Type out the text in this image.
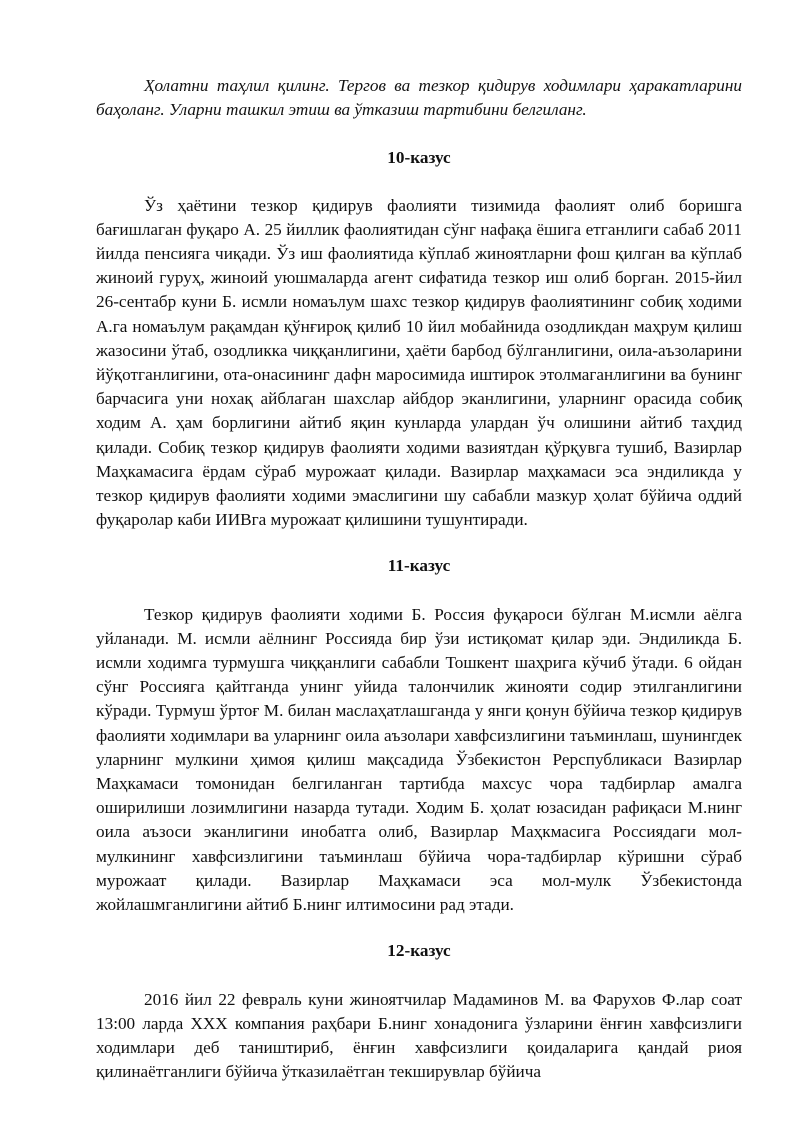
Ҳолатни таҳлил қилинг. Тергов ва тезкор қидирув ходимлари ҳаракатларини баҳоланг. Уларни ташкил этиш ва ўтказиш тартибини белгиланг.

10-казус

Ўз ҳаётини тезкор қидирув фаолияти тизимида фаолият олиб боришга бағишлаган фуқаро А. 25 йиллик фаолиятидан сўнг нафақа ёшига етганлиги сабаб 2011 йилда пенсияга чиқади. Ўз иш фаолиятида кўплаб жиноятларни фош қилган ва кўплаб жиноий гуруҳ, жиноий уюшмаларда агент сифатида тезкор иш олиб борган. 2015-йил 26-сентабр куни Б. исмли номаълум шахс тезкор қидирув фаолиятининг собиқ ходими А.га номаълум рақамдан қўнғироқ қилиб 10 йил мобайнида озодликдан маҳрум қилиш жазосини ўтаб, озодликка чиққанлигини, ҳаёти барбод бўлганлигини, оила-аъзоларини йўқотганлигини, ота-онасининг дафн маросимида иштирок этолмаганлигини ва бунинг барчасига уни нохақ айблаган шахслар айбдор эканлигини, уларнинг орасида собиқ ходим А. ҳам борлигини айтиб яқин кунларда улардан ўч олишини айтиб таҳдид қилади. Собиқ тезкор қидирув фаолияти ходими вазиятдан қўрқувга тушиб, Вазирлар Маҳкамасига ёрдам сўраб мурожаат қилади. Вазирлар маҳкамаси эса эндиликда у тезкор қидирув фаолияти ходими эмаслигини шу сабабли мазкур ҳолат бўйича оддий фуқаролар каби ИИВга мурожаат қилишини тушунтиради.

11-казус

Тезкор қидирув фаолияти ходими Б. Россия фуқароси бўлган М.исмли аёлга уйланади. М. исмли аёлнинг Россияда бир ўзи истиқомат қилар эди. Эндиликда Б. исмли ходимга турмушга чиққанлиги сабабли Тошкент шаҳрига кўчиб ўтади. 6 ойдан сўнг Россияга қайтганда унинг уйида талончилик жинояти содир этилганлигини кўради. Турмуш ўртоғ М. билан маслаҳатлашганда у янги қонун бўйича тезкор қидирув фаолияти ходимлари ва уларнинг оила аъзолари хавфсизлигини таъминлаш, шунингдек уларнинг мулкини ҳимоя қилиш мақсадида Ўзбекистон Рерспубликаси Вазирлар Маҳкамаси томонидан белгиланган тартибда махсус чора тадбирлар амалга оширилиши лозимлигини назарда тутади. Ходим Б. ҳолат юзасидан рафиқаси М.нинг оила аъзоси эканлигини инобатга олиб, Вазирлар Маҳкмасига Россиядаги мол-мулкининг хавфсизлигини таъминлаш бўйича чора-тадбирлар кўришни сўраб мурожаат қилади. Вазирлар Маҳкамаси эса мол-мулк Ўзбекистонда жойлашмганлигини айтиб Б.нинг илтимосини рад этади.

12-казус

2016 йил 22 февраль куни жиноятчилар Мадаминов М. ва Фарухов Ф.лар соат 13:00 ларда ХХХ компания раҳбари Б.нинг хонадонига ўзларини ёнғин хавфсизлиги ходимлари деб таништириб, ёнғин хавфсизлиги қоидаларига қандай риоя қилинаётганлиги бўйича ўтказилаётган текширувлар бўйича
